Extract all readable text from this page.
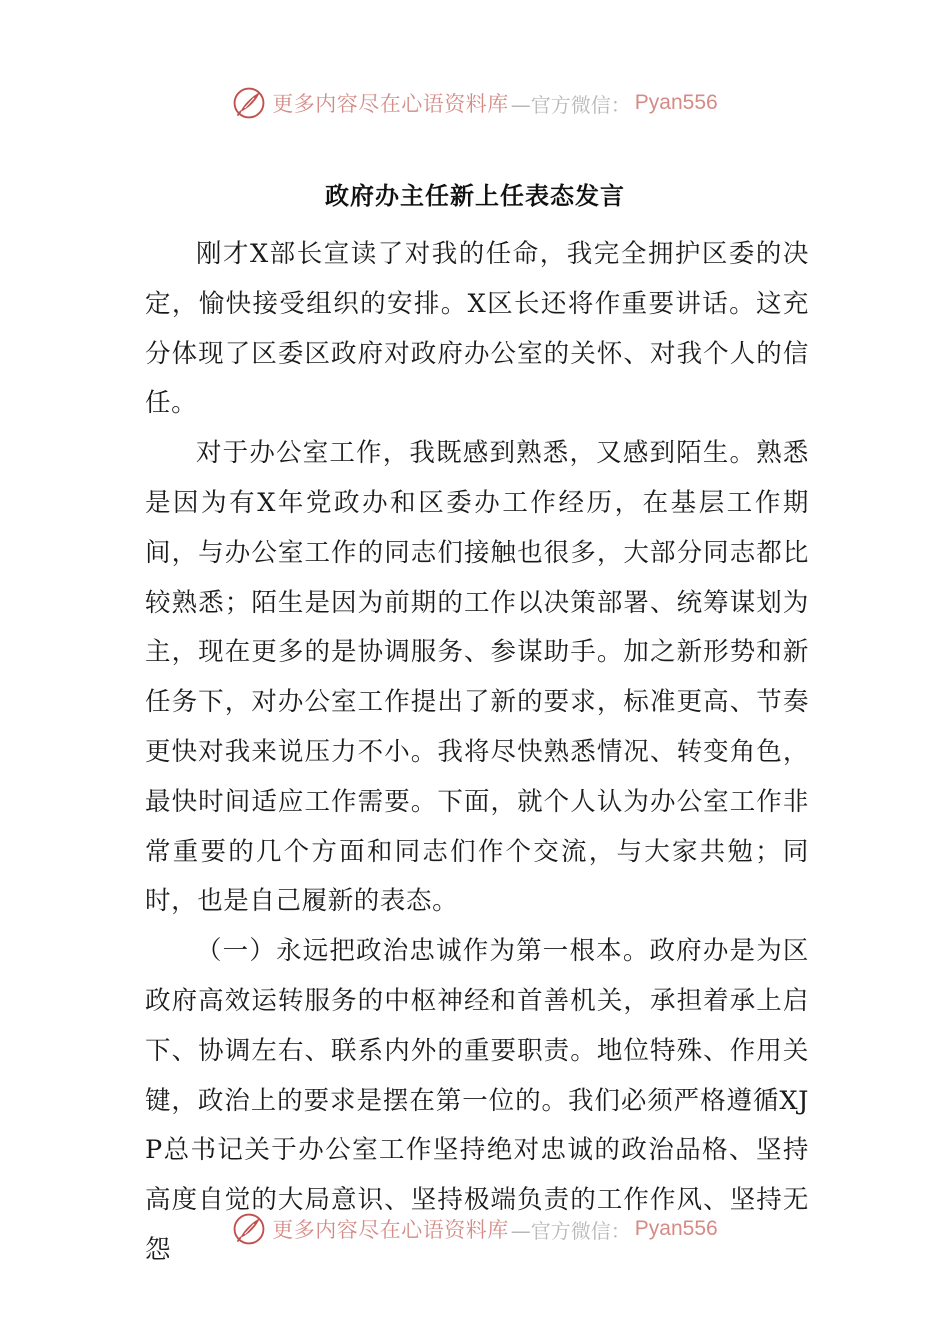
更多内容尽在心语资料库 —官方微信： Pyan556
政府办主任新上任表态发言

刚才X部长宣读了对我的任命，我完全拥护区委的决定，愉快接受组织的安排。X区长还将作重要讲话。这充分体现了区委区政府对政府办公室的关怀、对我个人的信任。

对于办公室工作，我既感到熟悉，又感到陌生。熟悉是因为有X年党政办和区委办工作经历，在基层工作期间，与办公室工作的同志们接触也很多，大部分同志都比较熟悉；陌生是因为前期的工作以决策部署、统筹谋划为主，现在更多的是协调服务、参谋助手。加之新形势和新任务下，对办公室工作提出了新的要求，标准更高、节奏更快对我来说压力不小。我将尽快熟悉情况、转变角色，最快时间适应工作需要。下面，就个人认为办公室工作非常重要的几个方面和同志们作个交流，与大家共勉；同时，也是自己履新的表态。

（一）永远把政治忠诚作为第一根本。政府办是为区政府高效运转服务的中枢神经和首善机关，承担着承上启下、协调左右、联系内外的重要职责。地位特殊、作用关键，政治上的要求是摆在第一位的。我们必须严格遵循XJP总书记关于办公室工作坚持绝对忠诚的政治品格、坚持高度自觉的大局意识、坚持极端负责的工作作风、坚持无怨

更多内容尽在心语资料库 —官方微信： Pyan556
